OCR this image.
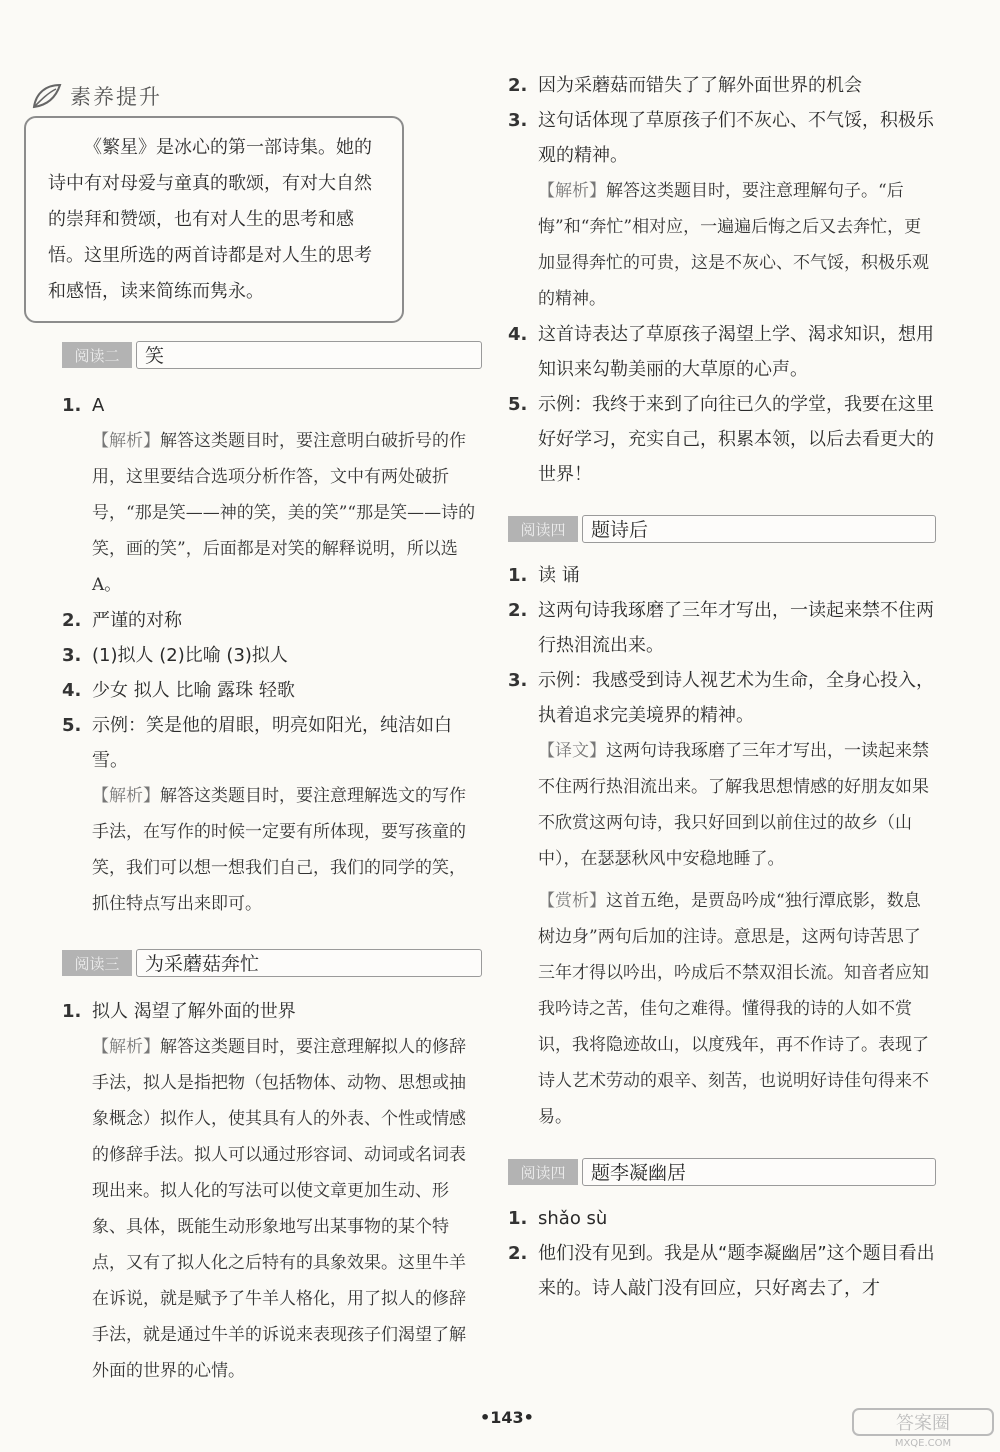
素养提升

《繁星》是冰心的第一部诗集。她的诗中有对母爱与童真的歌颂，有对大自然的崇拜和赞颂，也有对人生的思考和感悟。这里所选的两首诗都是对人生的思考和感悟，读来简练而隽永。

阅读二	笑
1. A
【解析】解答这类题目时，要注意明白破折号的作用，这里要结合选项分析作答，文中有两处破折号，“那是笑——神的笑，美的笑”“那是笑——诗的笑，画的笑”，后面都是对笑的解释说明，所以选A。
2. 严谨的对称
3. (1)拟人 (2)比喻 (3)拟人
4. 少女 拟人 比喻 露珠 轻歌
5. 示例：笑是他的眉眼，明亮如阳光，纯洁如白雪。
【解析】解答这类题目时，要注意理解选文的写作手法，在写作的时候一定要有所体现，要写孩童的笑，我们可以想一想我们自己，我们的同学的笑，抓住特点写出来即可。
阅读三	为采蘑菇奔忙
1. 拟人 渴望了解外面的世界
【解析】解答这类题目时，要注意理解拟人的修辞手法，拟人是指把物（包括物体、动物、思想或抽象概念）拟作人，使其具有人的外表、个性或情感的修辞手法。拟人可以通过形容词、动词或名词表现出来。拟人化的写法可以使文章更加生动、形象、具体，既能生动形象地写出某事物的某个特点，又有了拟人化之后特有的具象效果。这里牛羊在诉说，就是赋予了牛羊人格化，用了拟人的修辞手法，就是通过牛羊的诉说来表现孩子们渴望了解外面的世界的心情。
2. 因为采蘑菇而错失了了解外面世界的机会
3. 这句话体现了草原孩子们不灰心、不气馁，积极乐观的精神。
【解析】解答这类题目时，要注意理解句子。“后悔”和“奔忙”相对应，一遍遍后悔之后又去奔忙，更加显得奔忙的可贵，这是不灰心、不气馁，积极乐观的精神。
4. 这首诗表达了草原孩子渴望上学、渴求知识，想用知识来勾勒美丽的大草原的心声。
5. 示例：我终于来到了向往已久的学堂，我要在这里好好学习，充实自己，积累本领，以后去看更大的世界！
阅读四	题诗后
1. 读 诵
2. 这两句诗我琢磨了三年才写出，一读起来禁不住两行热泪流出来。
3. 示例：我感受到诗人视艺术为生命，全身心投入，执着追求完美境界的精神。
【译文】这两句诗我琢磨了三年才写出，一读起来禁不住两行热泪流出来。了解我思想情感的好朋友如果不欣赏这两句诗，我只好回到以前住过的故乡（山中），在瑟瑟秋风中安稳地睡了。
【赏析】这首五绝，是贾岛吟成“独行潭底影，数息树边身”两句后加的注诗。意思是，这两句诗苦思了三年才得以吟出，吟成后不禁双泪长流。知音者应知我吟诗之苦，佳句之难得。懂得我的诗的人如不赏识，我将隐迹故山，以度残年，再不作诗了。表现了诗人艺术劳动的艰辛、刻苦，也说明好诗佳句得来不易。
阅读四	题李凝幽居
1. shǎo sù
2. 他们没有见到。我是从“题李凝幽居”这个题目看出来的。诗人敲门没有回应，只好离去了，才
•143•	答案圈
MXQE.COM
